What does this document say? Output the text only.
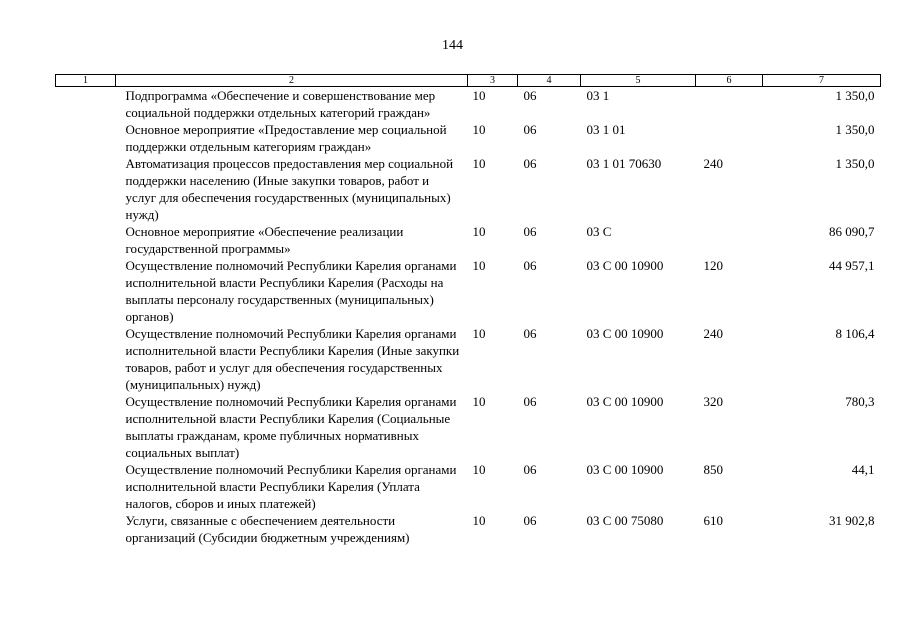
144
1	2	3	4	5	6	7
	Подпрограмма «Обеспечение и совершенствование мер социальной поддержки отдельных категорий граждан»	10	06	03 1		1 350,0
	Основное мероприятие «Предоставление мер социальной поддержки отдельным категориям граждан»	10	06	03 1 01		1 350,0
	Автоматизация процессов предоставления мер социальной поддержки населению (Иные закупки товаров, работ и услуг для обеспечения государственных (муниципальных) нужд)	10	06	03 1 01 70630	240	1 350,0
	Основное мероприятие «Обеспечение реализации государственной программы»	10	06	03 С		86 090,7
	Осуществление полномочий Республики Карелия органами исполнительной власти Республики Карелия (Расходы на выплаты персоналу государственных (муниципальных) органов)	10	06	03 С 00 10900	120	44 957,1
	Осуществление полномочий Республики Карелия органами исполнительной власти Республики Карелия (Иные закупки товаров, работ и услуг для обеспечения государственных (муниципальных) нужд)	10	06	03 С 00 10900	240	8 106,4
	Осуществление полномочий Республики Карелия органами исполнительной власти Республики Карелия (Социальные выплаты гражданам, кроме публичных нормативных социальных выплат)	10	06	03 С 00 10900	320	780,3
	Осуществление полномочий Республики Карелия органами исполнительной власти Республики Карелия (Уплата налогов, сборов и иных платежей)	10	06	03 С 00 10900	850	44,1
	Услуги, связанные с обеспечением деятельности организаций (Субсидии бюджетным учреждениям)	10	06	03 С 00 75080	610	31 902,8
